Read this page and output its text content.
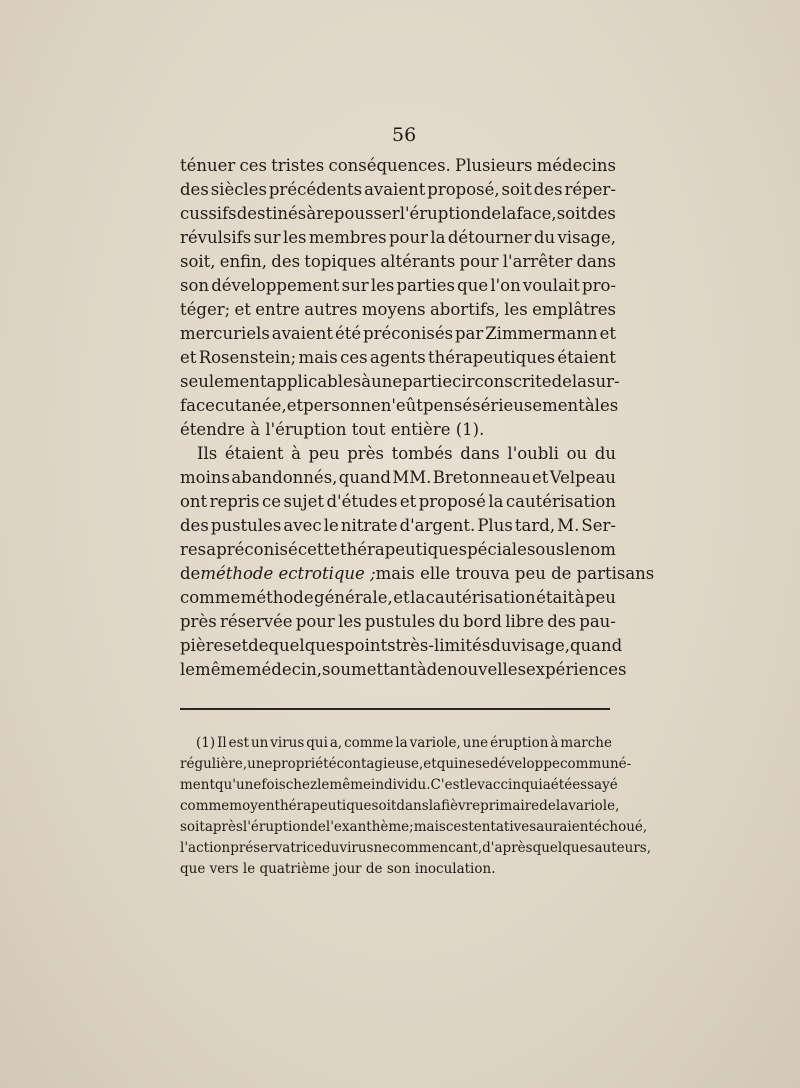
56

ténuer ces tristes conséquences. Plusieurs médecins
des siècles précédents avaient proposé, soit des réper-
cussifs destinés à repousser l'éruption de la face, soit des
révulsifs sur les membres pour la détourner du visage,
soit, enfin, des topiques altérants pour l'arrêter dans
son développement sur les parties que l'on voulait pro-
téger; et entre autres moyens abortifs, les emplâtres
mercuriels avaient été préconisés par Zimmermann et
et Rosenstein; mais ces agents thérapeutiques étaient
seulement applicables à une partie circonscrite de la sur-
face cutanée, et personne n'eût pensé sérieusement à les
étendre à l'éruption tout entière (1).
Ils étaient à peu près tombés dans l'oubli ou du
moins abandonnés, quand MM. Bretonneau et Velpeau
ont repris ce sujet d'études et proposé la cautérisation
des pustules avec le nitrate d'argent. Plus tard, M. Ser-
res a préconisé cette thérapeutique spéciale sous le nom
de méthode ectrotique ; mais elle trouva peu de partisans
comme méthode générale, et la cautérisation était à peu
près réservée pour les pustules du bord libre des pau-
pières et de quelques points très-limités du visage, quand
le même médecin, soumettant à de nouvelles expériences
(1) Il est un virus qui a, comme la variole, une éruption à marche
régulière, une propriété contagieuse, et qui ne se développe communé-
ment qu'une fois chez le même individu. C'est le vaccin qui a été essayé
comme moyen thérapeutique soit dans la fièvre primaire de la variole,
soit après l'éruption de l'exanthème; mais ces tentatives auraient échoué,
l'action préservatrice du virus ne commencant, d'après quelques auteurs,
que vers le quatrième jour de son inoculation.
